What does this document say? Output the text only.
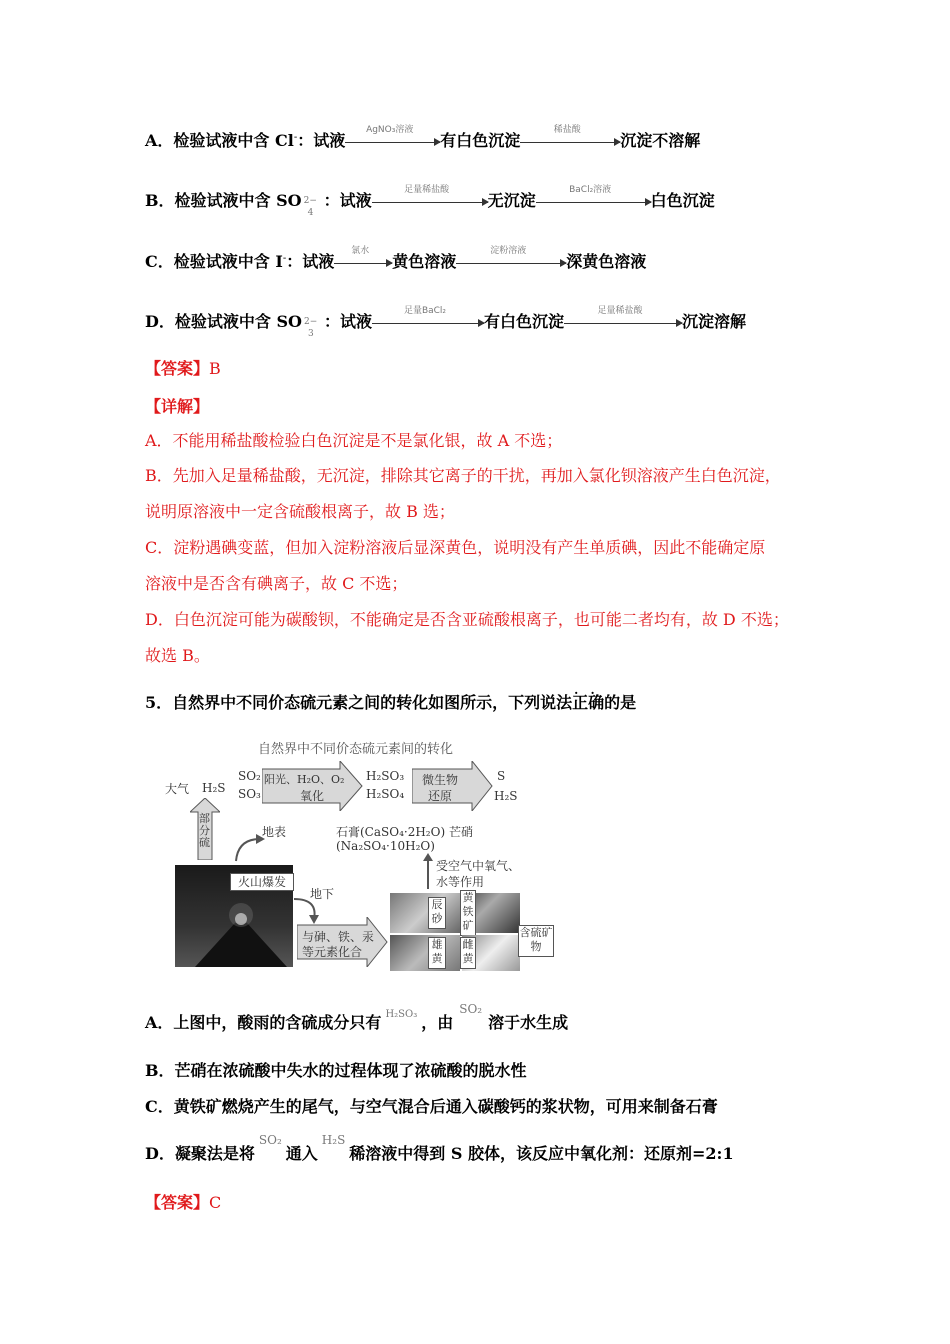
A．检验试液中含 Cl-：试液
AgNO₃溶液
有白色沉淀
稀盐酸
沉淀不溶解
B．检验试液中含 SO 2−
4
：试液
足量稀盐酸
无沉淀
BaCl₂溶液
白色沉淀
C．检验试液中含 I-：试液
氯水
黄色溶液
淀粉溶液
深黄色溶液
D．检验试液中含 SO 2−
3
：试液
足量BaCl₂
有白色沉淀
足量稀盐酸
沉淀溶解
【答案】B
【详解】
A．不能用稀盐酸检验白色沉淀是不是氯化银，故 A 不选；
B．先加入足量稀盐酸，无沉淀，排除其它离子的干扰，再加入氯化钡溶液产生白色沉淀，
说明原溶液中一定含硫酸根离子，故 B 选；
C．淀粉遇碘变蓝，但加入淀粉溶液后显深黄色，说明没有产生单质碘，因此不能确定原
溶液中是否含有碘离子，故 C 不选；
D．白色沉淀可能为碳酸钡，不能确定是否含亚硫酸根离子，也可能二者均有，故 D 不选；
故选 B。
5．自然界中不同价态硫元素之间的转化如图所示，下列说法· · 正确的是
自然界中不同价态硫元素间的转化
大气 H₂S
SO₂
SO₃
阳光、H₂O、O₂
氧化
H₂SO₃
H₂SO₄
微生物
还原
S
H₂S
部分硫
地表	石膏(CaSO₄·2H₂O) 芒硝
(Na₂SO₄·10H₂O)
火山爆发
地下
与砷、铁、汞
等元素化合
受空气中氧气、
水等作用
辰砂
黄铁矿
雄黄
雌黄
含硫矿物
A．上图中，酸雨的含硫成分只有 $^{H_2SO_3}$ ，由$^{SO_2}$溶于水生成
B．芒硝在浓硫酸中失水的过程体现了浓硫酸的脱水性
C．黄铁矿燃烧产生的尾气，与空气混合后通入碳酸钙的浆状物，可用来制备石膏
D．凝聚法是将$^{SO_2}$通入$^{H_2S}$稀溶液中得到 S 胶体，该反应中氧化剂：还原剂=2:1
【答案】C
